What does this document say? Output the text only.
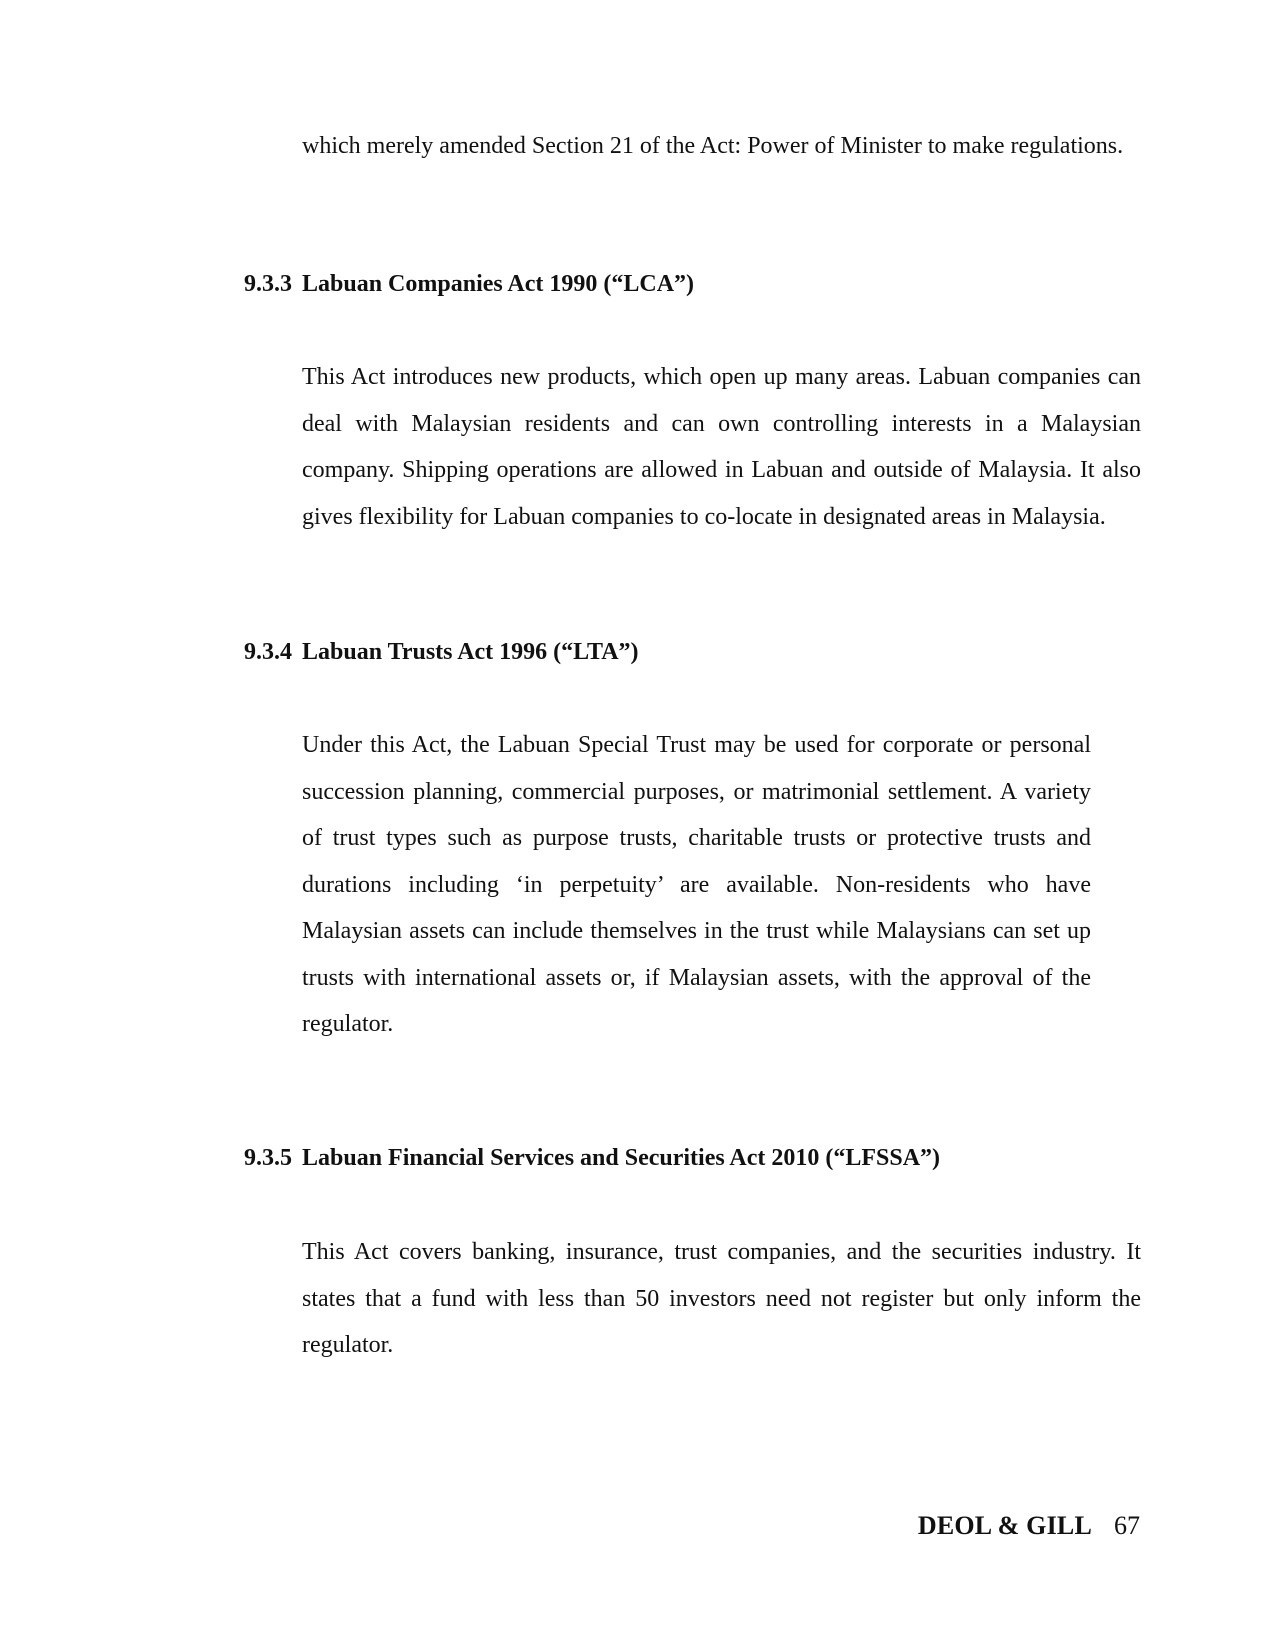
which merely amended Section 21 of the Act: Power of Minister to make regulations.

9.3.3 Labuan Companies Act 1990 (“LCA”)

This Act introduces new products, which open up many areas. Labuan companies can deal with Malaysian residents and can own controlling interests in a Malaysian company. Shipping operations are allowed in Labuan and outside of Malaysia. It also gives flexibility for Labuan companies to co-locate in designated areas in Malaysia.

9.3.4 Labuan Trusts Act 1996 (“LTA”)

Under this Act, the Labuan Special Trust may be used for corporate or personal succession planning, commercial purposes, or matrimonial settlement. A variety of trust types such as purpose trusts, charitable trusts or protective trusts and durations including ‘in perpetuity’ are available. Non-residents who have Malaysian assets can include themselves in the trust while Malaysians can set up trusts with international assets or, if Malaysian assets, with the approval of the regulator.

9.3.5 Labuan Financial Services and Securities Act 2010 (“LFSSA”)

This Act covers banking, insurance, trust companies, and the securities industry. It states that a fund with less than 50 investors need not register but only inform the regulator.

DEOL & GILL 67
